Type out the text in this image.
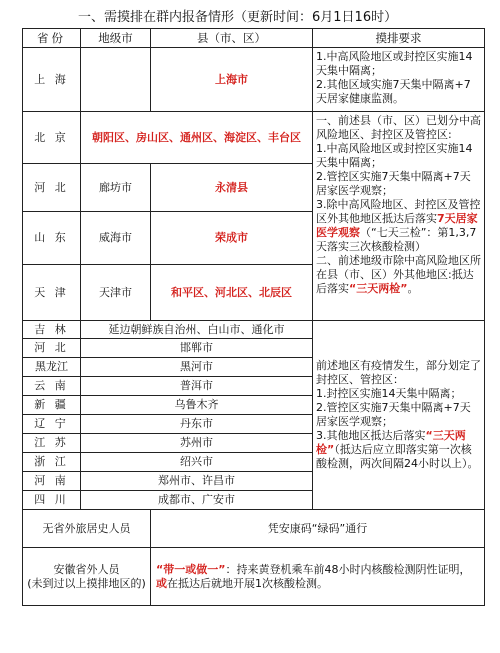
一、需摸排在群内报备情形（更新时间：6月1日16时）
省份	地级市	县（市、区）	摸排要求
上 海		上海市	1.中高风险地区或封控区实施14天集中隔离；
2.其他区域实施7天集中隔离+7天居家健康监测。

北 京	朝阳区、房山区、通州区、海淀区、丰台区		一、前述县（市、区）已划分中高风险地区、封控区及管控区:
1.中高风险地区或封控区实施14天集中隔离；
2.管控区实施7天集中隔离+7天居家医学观察；
3.除中高风险地区、封控区及管控区外其他地区抵达后落实7天居家医学观察（“七天三检”：第1,3,7天落实三次核酸检测）
二、前述地级市除中高风险地区所在县（市、区）外其他地区:抵达后落实“三天两检”。

河 北	廊坊市	永清县	
山 东	威海市	荣成市	
天 津	天津市	和平区、河北区、北辰区	
吉 林	延边朝鲜族自治州、白山市、通化市		前述地区有疫情发生，部分划定了封控区、管控区：
1.封控区实施14天集中隔离；
2.管控区实施7天集中隔离+7天居家医学观察；
3.其他地区抵达后落实“三天两检”（抵达后应立即落实第一次核酸检测，两次间隔24小时以上）。

河 北	邯郸市		
黑龙江	黑河市		
云 南	普洱市		
新 疆	乌鲁木齐		
辽 宁	丹东市		
江 苏	苏州市		
浙 江	绍兴市		
河 南	郑州市、许昌市		
四 川	成都市、广安市		
无省外旅居史人员		凭安康码“绿码”通行	

安徽省外人员
(未到过以上摸排地区的)		“带一或做一”：持来黄登机乘车前48小时内核酸检测阴性证明，或在抵达后就地开展1次核酸检测。	
